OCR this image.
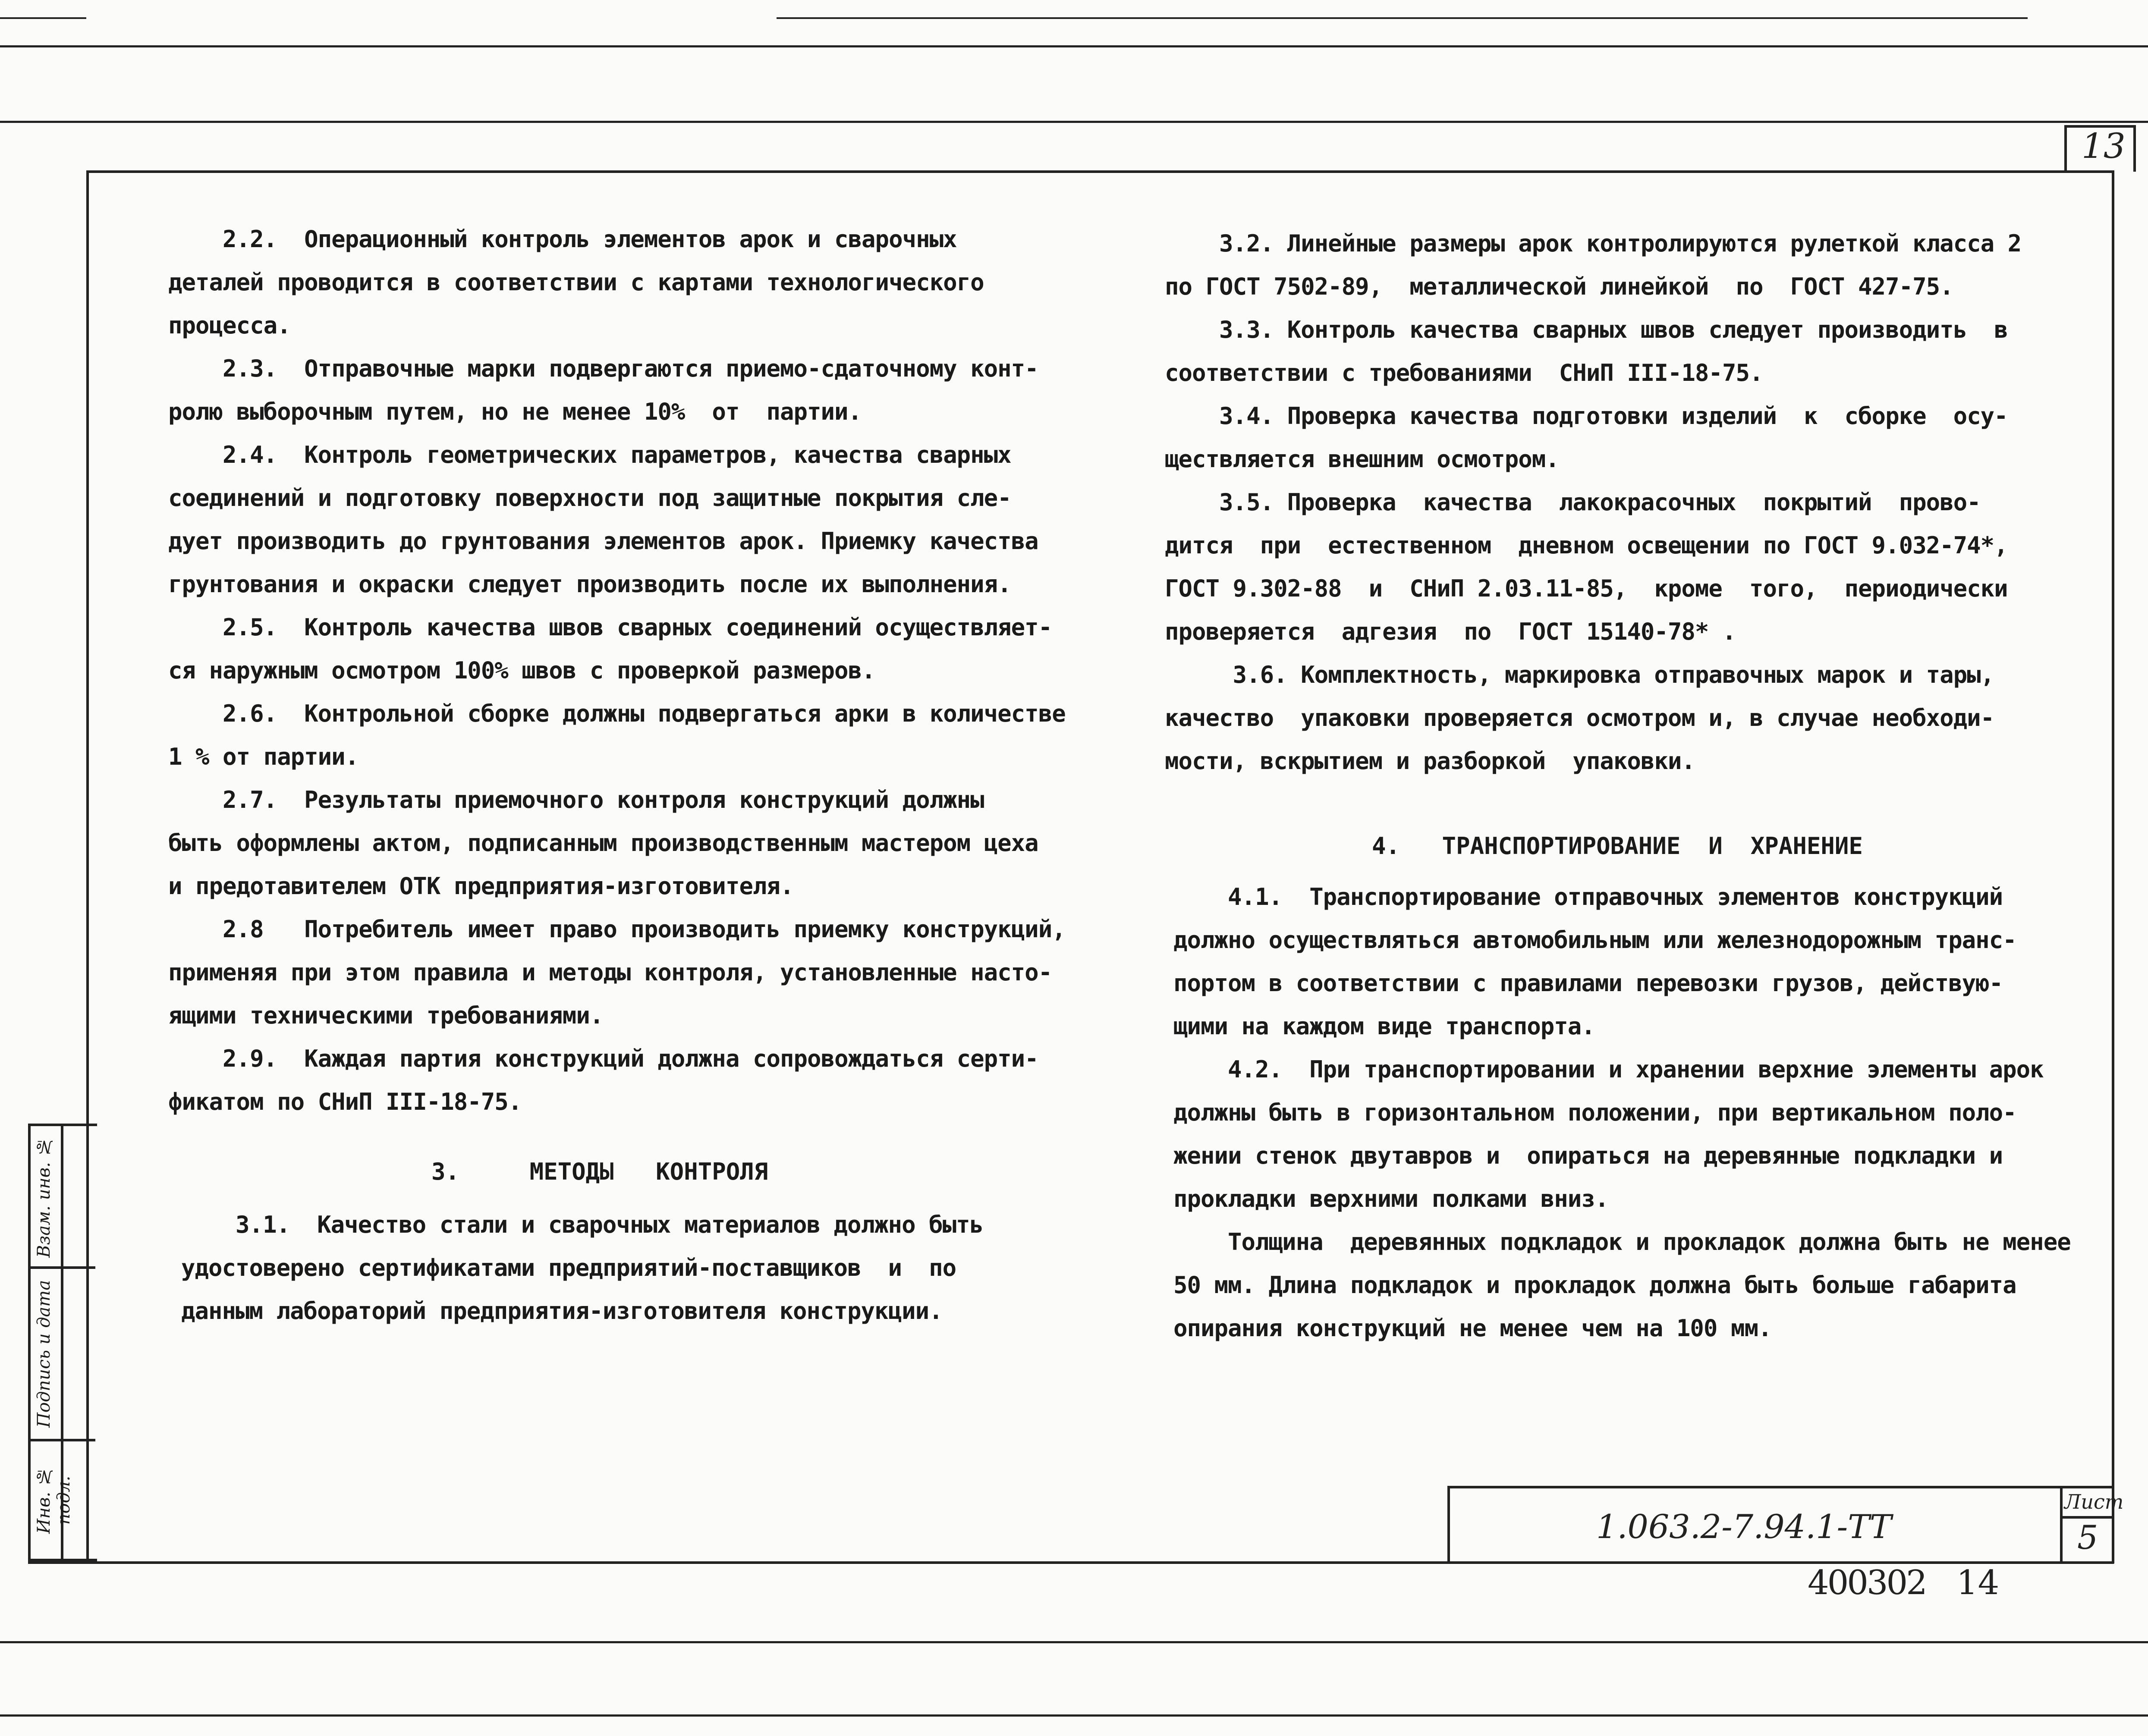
13

2.2.  Операционный контроль элементов арок и сварочных

деталей проводится в соответствии с картами технологического

процесса.

2.3.  Отправочные марки подвергаются приемо-сдаточному конт-

ролю выборочным путем, но не менее 10%  от  партии.

2.4.  Контроль геометрических параметров, качества сварных

соединений и подготовку поверхности под защитные покрытия сле-

дует производить до грунтования элементов арок. Приемку качества

грунтования и окраски следует производить после их выполнения.

2.5.  Контроль качества швов сварных соединений осуществляет-

ся наружным осмотром 100% швов с проверкой размеров.

2.6.  Контрольной сборке должны подвергаться арки в количестве

1 % от партии.

2.7.  Результаты приемочного контроля конструкций должны

быть оформлены актом, подписанным производственным мастером цеха

и предотавителем ОТК предприятия-изготовителя.

2.8   Потребитель имеет право производить приемку конструкций,

применяя при этом правила и методы контроля, установленные насто-

ящими техническими требованиями.

2.9.  Каждая партия конструкций должна сопровождаться серти-

фикатом по СНиП III-18-75.

3.     МЕТОДЫ   КОНТРОЛЯ

3.1.  Качество стали и сварочных материалов должно быть

удостоверено сертификатами предприятий-поставщиков  и  по

данным лабораторий предприятия-изготовителя конструкции.

3.2. Линейные размеры арок контролируются рулеткой класса 2

по ГОСТ 7502-89,  металлической линейкой  по  ГОСТ 427-75.

3.3. Контроль качества сварных швов следует производить  в

соответствии с требованиями  СНиП III-18-75.

3.4. Проверка качества подготовки изделий  к  сборке  осу-

ществляется внешним осмотром.

3.5. Проверка  качества  лакокрасочных  покрытий  прово-

дится  при  естественном  дневном освещении по ГОСТ 9.032-74*,

ГОСТ 9.302-88  и  СНиП 2.03.11-85,  кроме  того,  периодически

проверяется  адгезия  по  ГОСТ 15140-78* .

3.6. Комплектность, маркировка отправочных марок и тары,

качество  упаковки проверяется осмотром и, в случае необходи-

мости, вскрытием и разборкой  упаковки.

4.   ТРАНСПОРТИРОВАНИЕ  И  ХРАНЕНИЕ

4.1.  Транспортирование отправочных элементов конструкций

должно осуществляться автомобильным или железнодорожным транс-

портом в соответствии с правилами перевозки грузов, действую-

щими на каждом виде транспорта.

4.2.  При транспортировании и хранении верхние элементы арок

должны быть в горизонтальном положении, при вертикальном поло-

жении стенок двутавров и  опираться на деревянные подкладки и

прокладки верхними полками вниз.

Толщина  деревянных подкладок и прокладок должна быть не менее

50 мм. Длина подкладок и прокладок должна быть больше габарита

опирания конструкций не менее чем на 100 мм.

1.063.2-7.94.1-ТТ
Лист
5
400302 14
Взам. инв. №
Подпись и дата
Инв. № подл.
